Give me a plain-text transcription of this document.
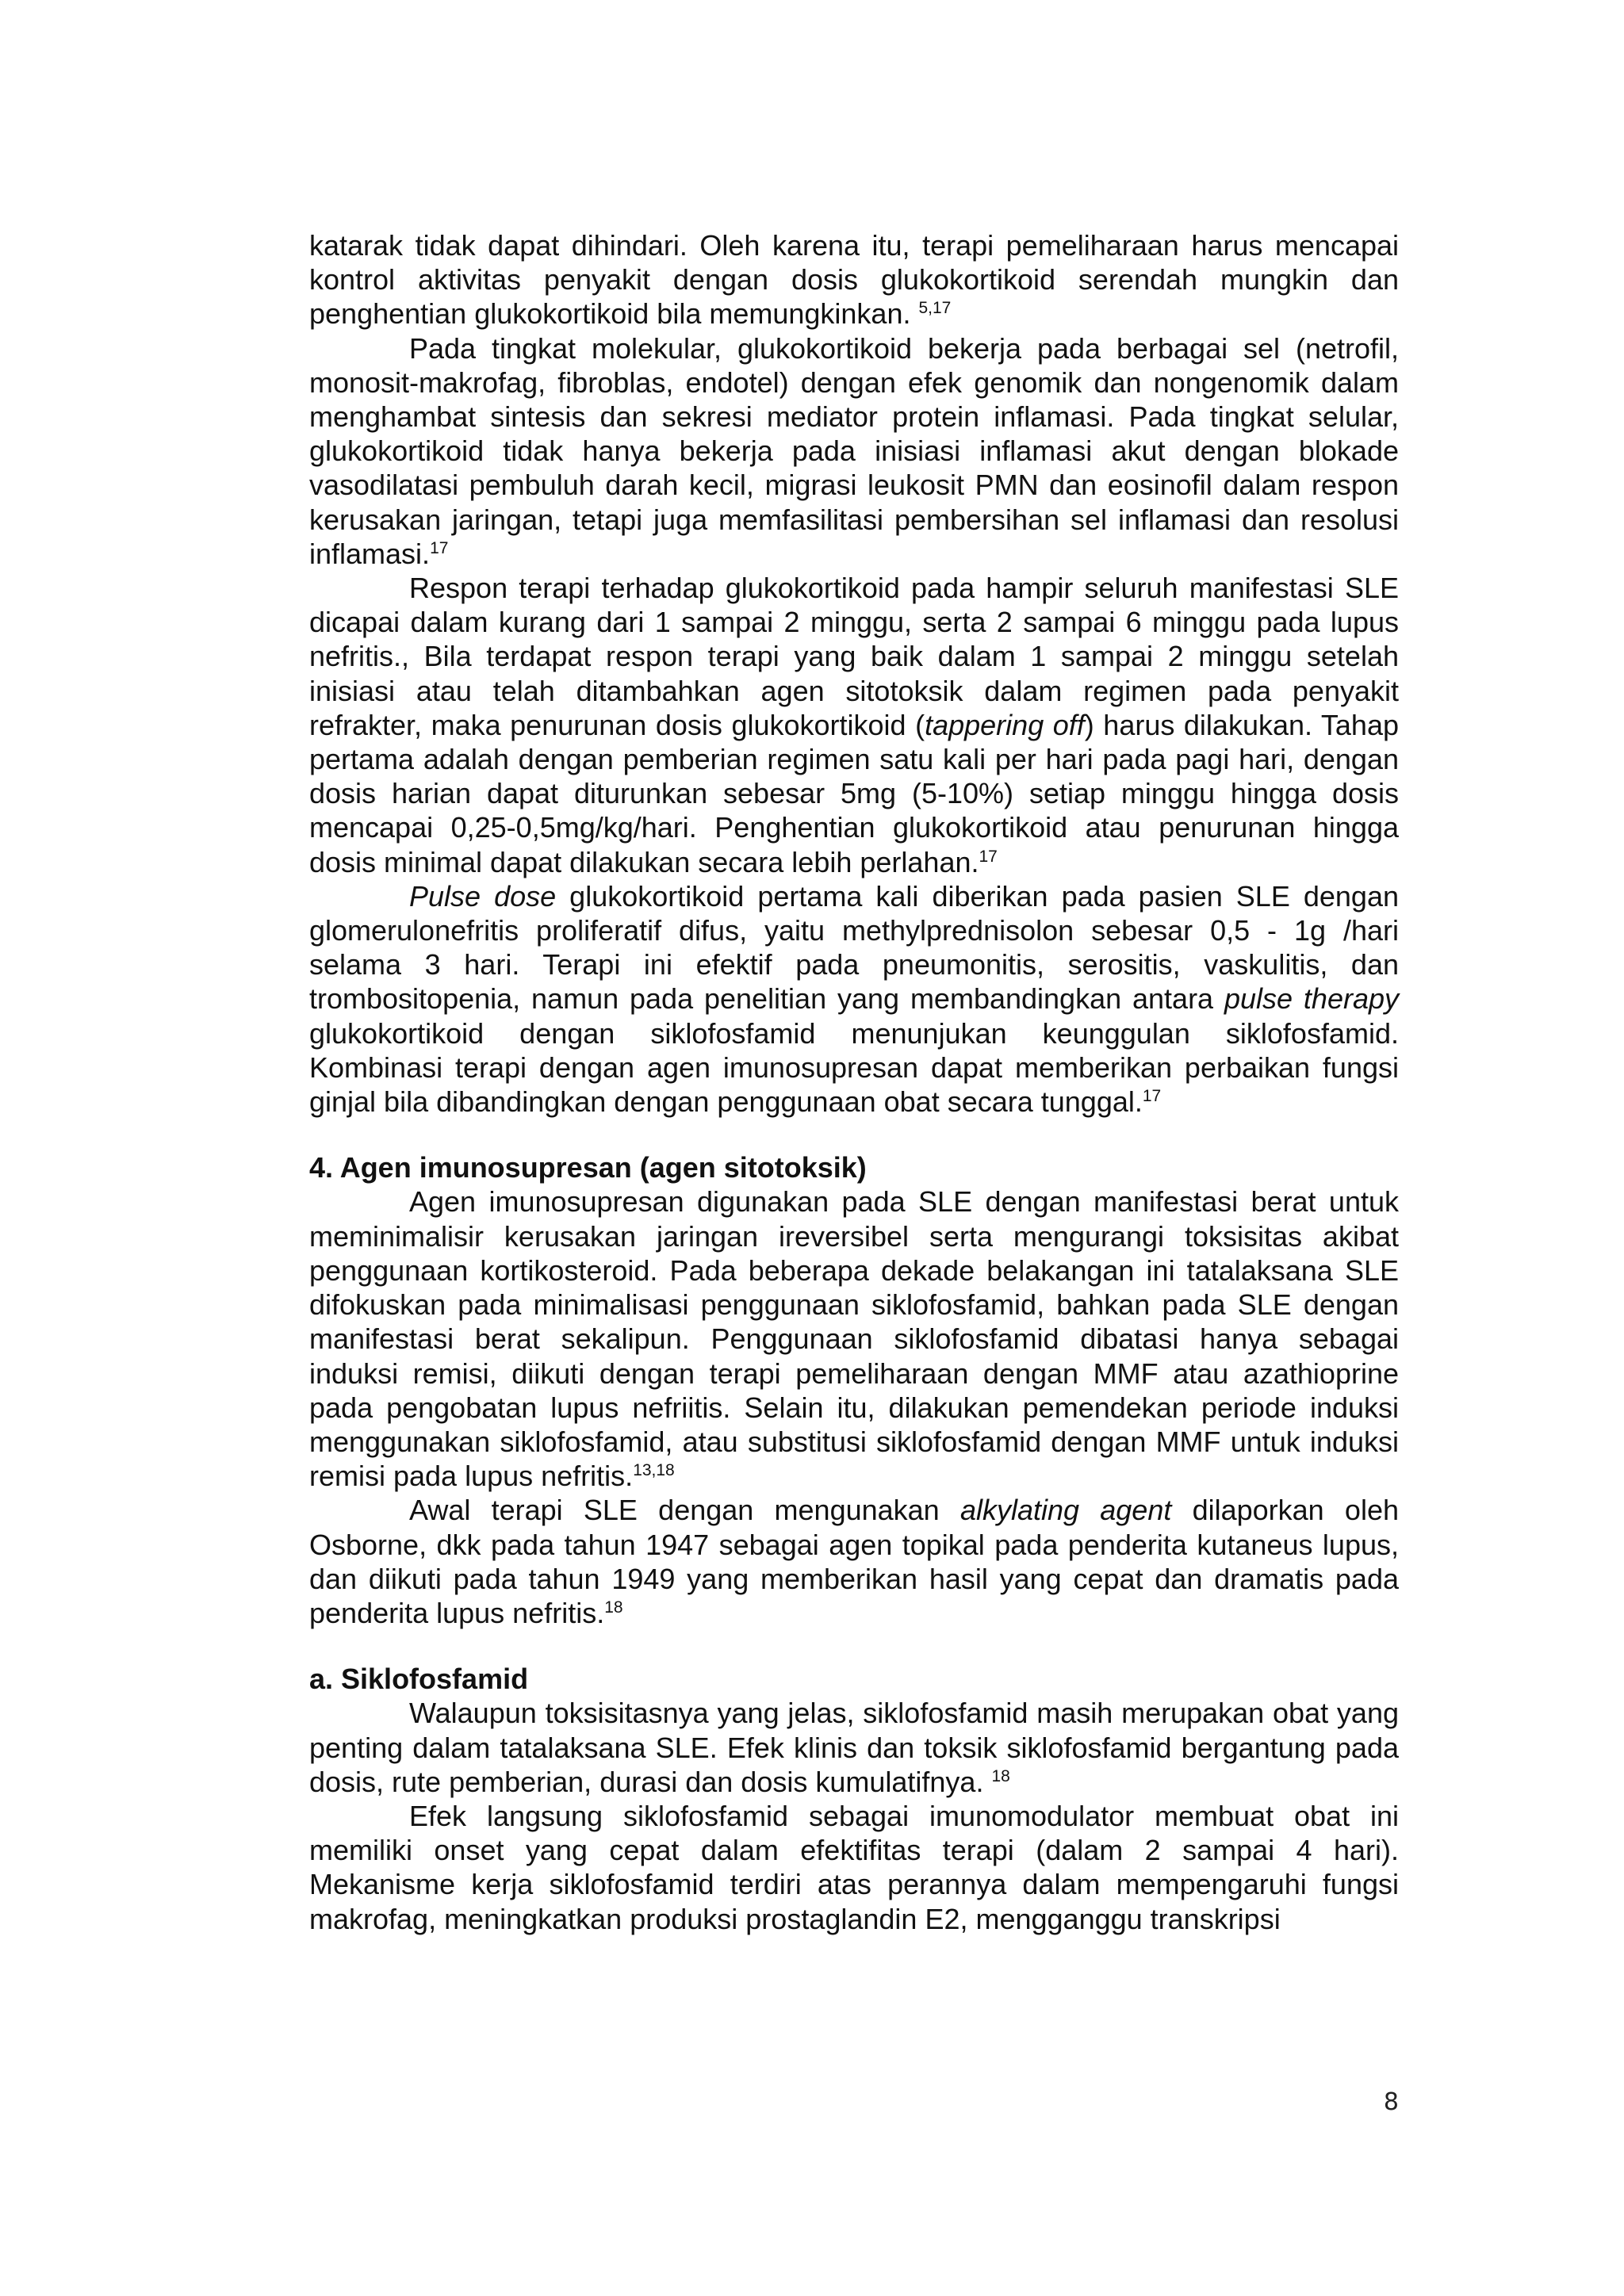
katarak tidak dapat dihindari. Oleh karena itu, terapi pemeliharaan harus mencapai kontrol aktivitas penyakit dengan dosis glukokortikoid serendah mungkin dan penghentian glukokortikoid bila memungkinkan. $^{5,17}$

Pada tingkat molekular, glukokortikoid bekerja pada berbagai sel (netrofil, monosit-makrofag, fibroblas, endotel) dengan efek genomik dan nongenomik dalam menghambat sintesis dan sekresi mediator protein inflamasi. Pada tingkat selular, glukokortikoid tidak hanya bekerja pada inisiasi inflamasi akut dengan blokade vasodilatasi pembuluh darah kecil, migrasi leukosit PMN dan eosinofil dalam respon kerusakan jaringan, tetapi juga memfasilitasi pembersihan sel inflamasi dan resolusi inflamasi.$^{17}$

Respon terapi terhadap glukokortikoid pada hampir seluruh manifestasi SLE dicapai dalam kurang dari 1 sampai 2 minggu, serta 2 sampai 6 minggu pada lupus nefritis., Bila terdapat respon terapi yang baik dalam 1 sampai 2 minggu setelah inisiasi atau telah ditambahkan agen sitotoksik dalam regimen pada penyakit refrakter, maka penurunan dosis glukokortikoid (tappering off) harus dilakukan. Tahap pertama adalah dengan pemberian regimen satu kali per hari pada pagi hari, dengan dosis harian dapat diturunkan sebesar 5mg (5-10%) setiap minggu hingga dosis mencapai 0,25-0,5mg/kg/hari. Penghentian glukokortikoid atau penurunan hingga dosis minimal dapat dilakukan secara lebih perlahan.$^{17}$

Pulse dose glukokortikoid pertama kali diberikan pada pasien SLE dengan glomerulonefritis proliferatif difus, yaitu methylprednisolon sebesar 0,5 - 1g /hari selama 3 hari. Terapi ini efektif pada pneumonitis, serositis, vaskulitis, dan trombositopenia, namun pada penelitian yang membandingkan antara pulse therapy glukokortikoid dengan siklofosfamid menunjukan keunggulan siklofosfamid. Kombinasi terapi dengan agen imunosupresan dapat memberikan perbaikan fungsi ginjal bila dibandingkan dengan penggunaan obat secara tunggal.$^{17}$

4. Agen imunosupresan (agen sitotoksik)

Agen imunosupresan digunakan pada SLE dengan manifestasi berat untuk meminimalisir kerusakan jaringan ireversibel serta mengurangi toksisitas akibat penggunaan kortikosteroid. Pada beberapa dekade belakangan ini tatalaksana SLE difokuskan pada minimalisasi penggunaan siklofosfamid, bahkan pada SLE dengan manifestasi berat sekalipun. Penggunaan siklofosfamid dibatasi hanya sebagai induksi remisi, diikuti dengan terapi pemeliharaan dengan MMF atau azathioprine pada pengobatan lupus nefriitis. Selain itu, dilakukan pemendekan periode induksi menggunakan siklofosfamid, atau substitusi siklofosfamid dengan MMF untuk induksi remisi pada lupus nefritis.$^{13,18}$

Awal terapi SLE dengan mengunakan alkylating agent dilaporkan oleh Osborne, dkk pada tahun 1947 sebagai agen topikal pada penderita kutaneus lupus, dan diikuti pada tahun 1949 yang memberikan hasil yang cepat dan dramatis pada penderita lupus nefritis.$^{18}$

a. Siklofosfamid

Walaupun toksisitasnya yang jelas, siklofosfamid masih merupakan obat yang penting dalam tatalaksana SLE. Efek klinis dan toksik siklofosfamid bergantung pada dosis, rute pemberian, durasi dan dosis kumulatifnya. $^{18}$

Efek langsung siklofosfamid sebagai imunomodulator membuat obat ini memiliki onset yang cepat dalam efektifitas terapi (dalam 2 sampai 4 hari). Mekanisme kerja siklofosfamid terdiri atas perannya dalam mempengaruhi fungsi makrofag, meningkatkan produksi prostaglandin E2, mengganggu transkripsi

8
